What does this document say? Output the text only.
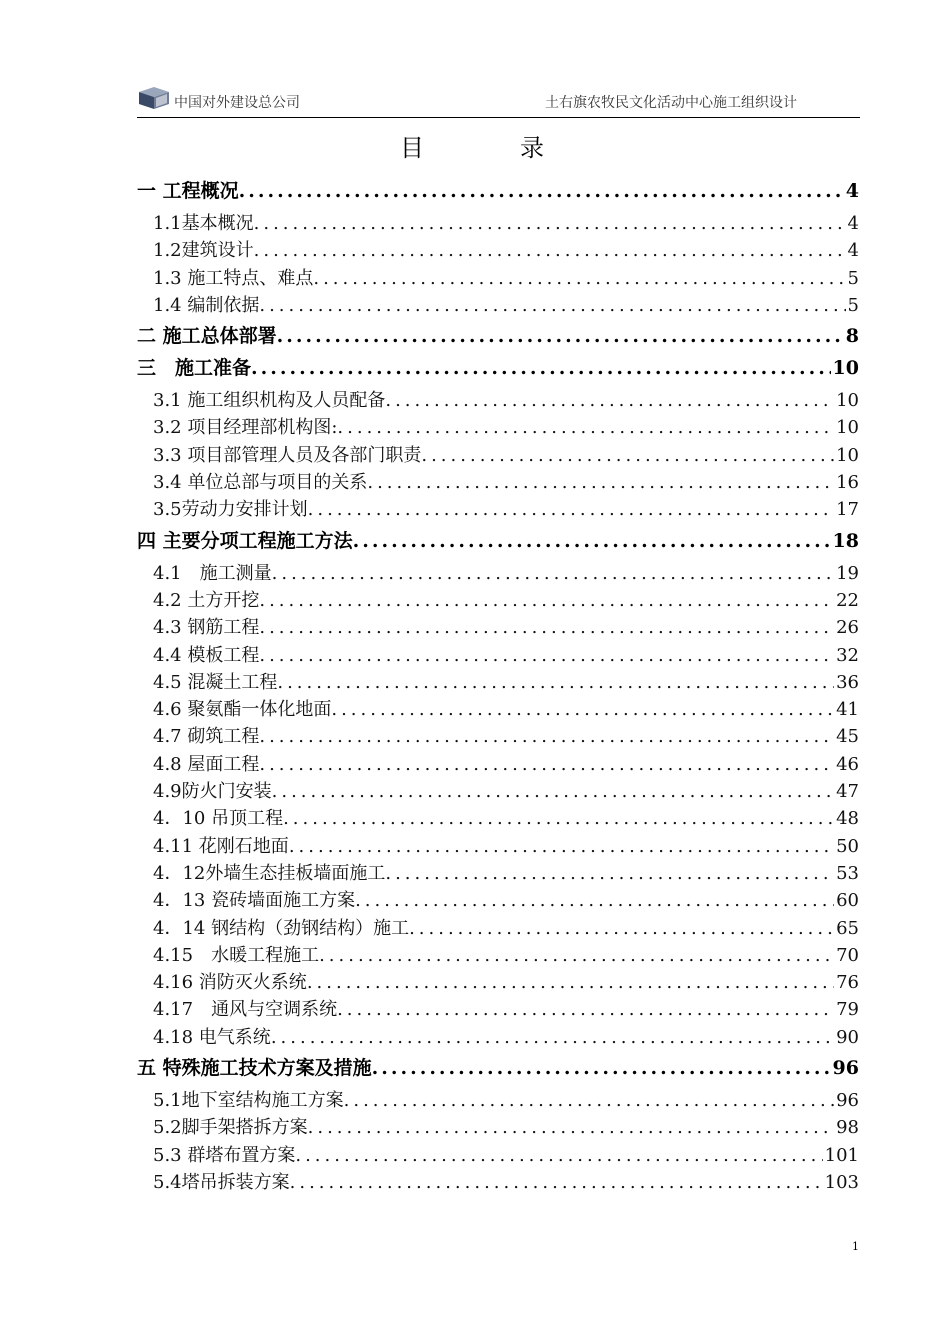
中国对外建设总公司	土右旗农牧民文化活动中心施工组织设计
目　录
一 工程概况 .....	4
1.1基本概况 .....	4
1.2建筑设计 .....	4
1.3 施工特点、难点 .....	5
1.4 编制依据 .....	5
二 施工总体部署 .....	8
三　施工准备 .....	10
3.1 施工组织机构及人员配备 .....	10
3.2 项目经理部机构图: .....	10
3.3 项目部管理人员及各部门职责 .....	10
3.4 单位总部与项目的关系 .....	16
3.5劳动力安排计划 .....	17
四 主要分项工程施工方法 .....	18
4.1　施工测量 .....	19
4.2 土方开挖 .....	22
4.3 钢筋工程 .....	26
4.4 模板工程 .....	32
4.5 混凝土工程 .....	36
4.6 聚氨酯一体化地面 .....	41
4.7 砌筑工程 .....	45
4.8 屋面工程 .....	46
4.9防火门安装 .....	47
4．10 吊顶工程 .....	48
4.11 花刚石地面 .....	50
4．12外墙生态挂板墙面施工 .....	53
4．13 瓷砖墙面施工方案 .....	60
4．14 钢结构（劲钢结构）施工 .....	65
4.15　水暖工程施工 .....	70
4.16 消防灭火系统 .....	76
4.17　通风与空调系统 .....	79
4.18 电气系统 .....	90
五 特殊施工技术方案及措施 .....	96
5.1地下室结构施工方案 .....	96
5.2脚手架搭拆方案 .....	98
5.3 群塔布置方案 .....	101
5.4塔吊拆装方案 .....	103
1
